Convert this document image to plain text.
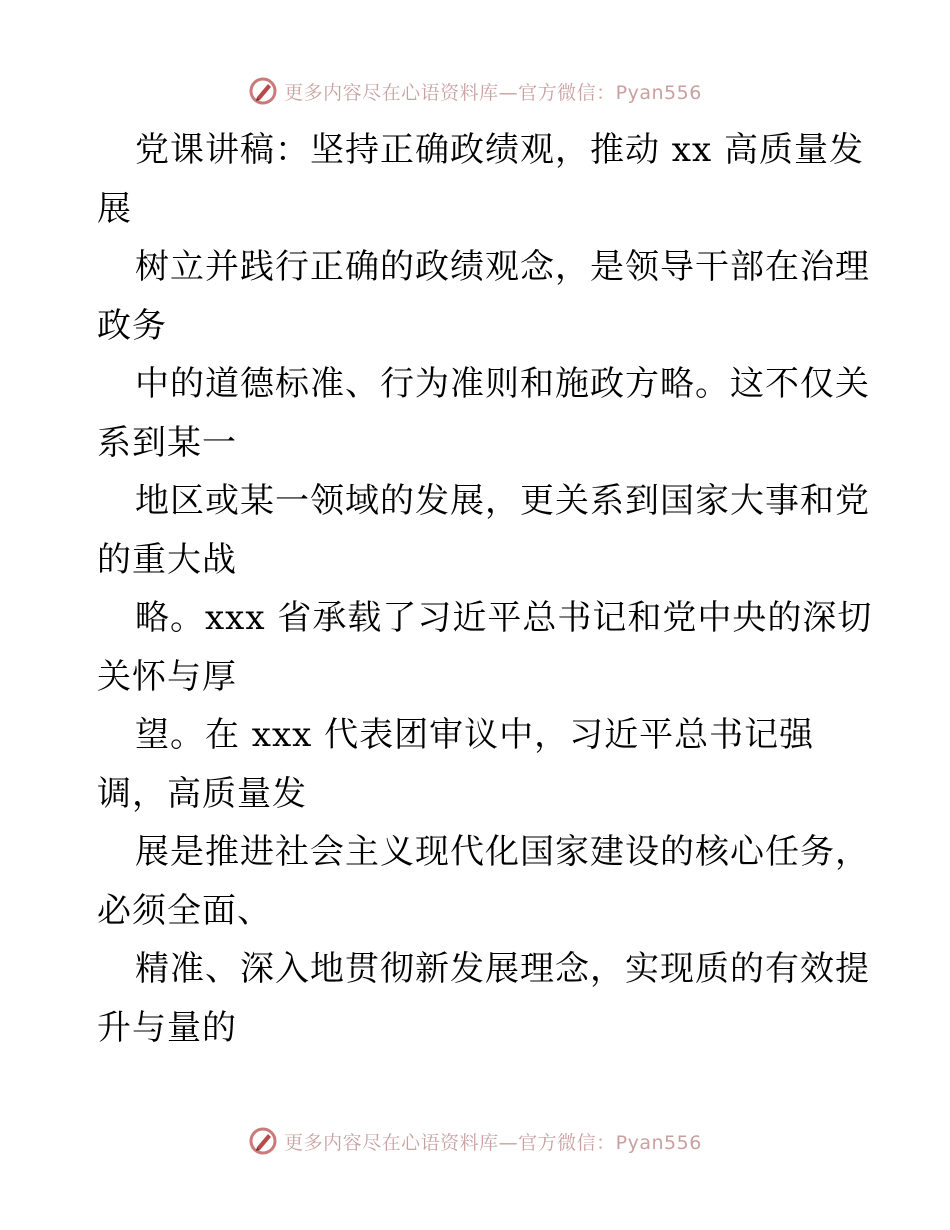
更多内容尽在心语资料库—官方微信：Pyan556
党课讲稿：坚持正确政绩观，推动 xx 高质量发
展
树立并践行正确的政绩观念，是领导干部在治理
政务
中的道德标准、行为准则和施政方略。这不仅关
系到某一
地区或某一领域的发展，更关系到国家大事和党
的重大战
略。xxx 省承载了习近平总书记和党中央的深切
关怀与厚
望。在 xxx 代表团审议中，习近平总书记强
调，高质量发
展是推进社会主义现代化国家建设的核心任务，
必须全面、
精准、深入地贯彻新发展理念，实现质的有效提
升与量的
更多内容尽在心语资料库—官方微信：Pyan556
